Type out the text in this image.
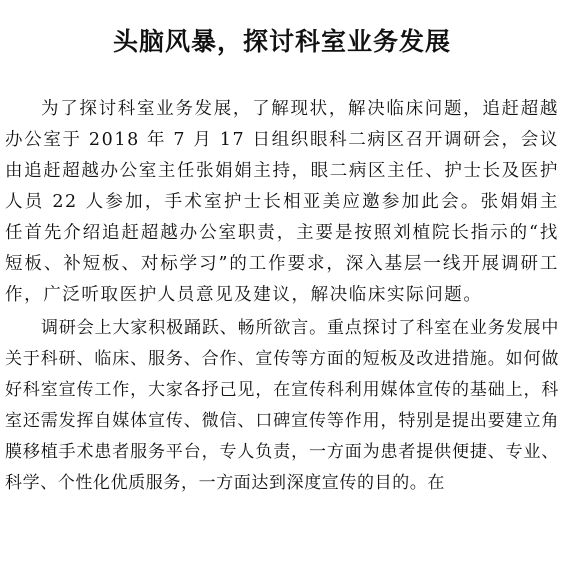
头脑风暴，探讨科室业务发展

为了探讨科室业务发展，了解现状，解决临床问题，追赶超越办公室于 2018 年 7 月 17 日组织眼科二病区召开调研会，会议由追赶超越办公室主任张娟娟主持，眼二病区主任、护士长及医护人员 22 人参加，手术室护士长相亚美应邀参加此会。张娟娟主任首先介绍追赶超越办公室职责，主要是按照刘植院长指示的“找短板、补短板、对标学习”的工作要求，深入基层一线开展调研工作，广泛听取医护人员意见及建议，解决临床实际问题。

调研会上大家积极踊跃、畅所欲言。重点探讨了科室在业务发展中关于科研、临床、服务、合作、宣传等方面的短板及改进措施。如何做好科室宣传工作，大家各抒己见，在宣传科利用媒体宣传的基础上，科室还需发挥自媒体宣传、微信、口碑宣传等作用，特别是提出要建立角膜移植手术患者服务平台，专人负责，一方面为患者提供便捷、专业、科学、个性化优质服务，一方面达到深度宣传的目的。在
